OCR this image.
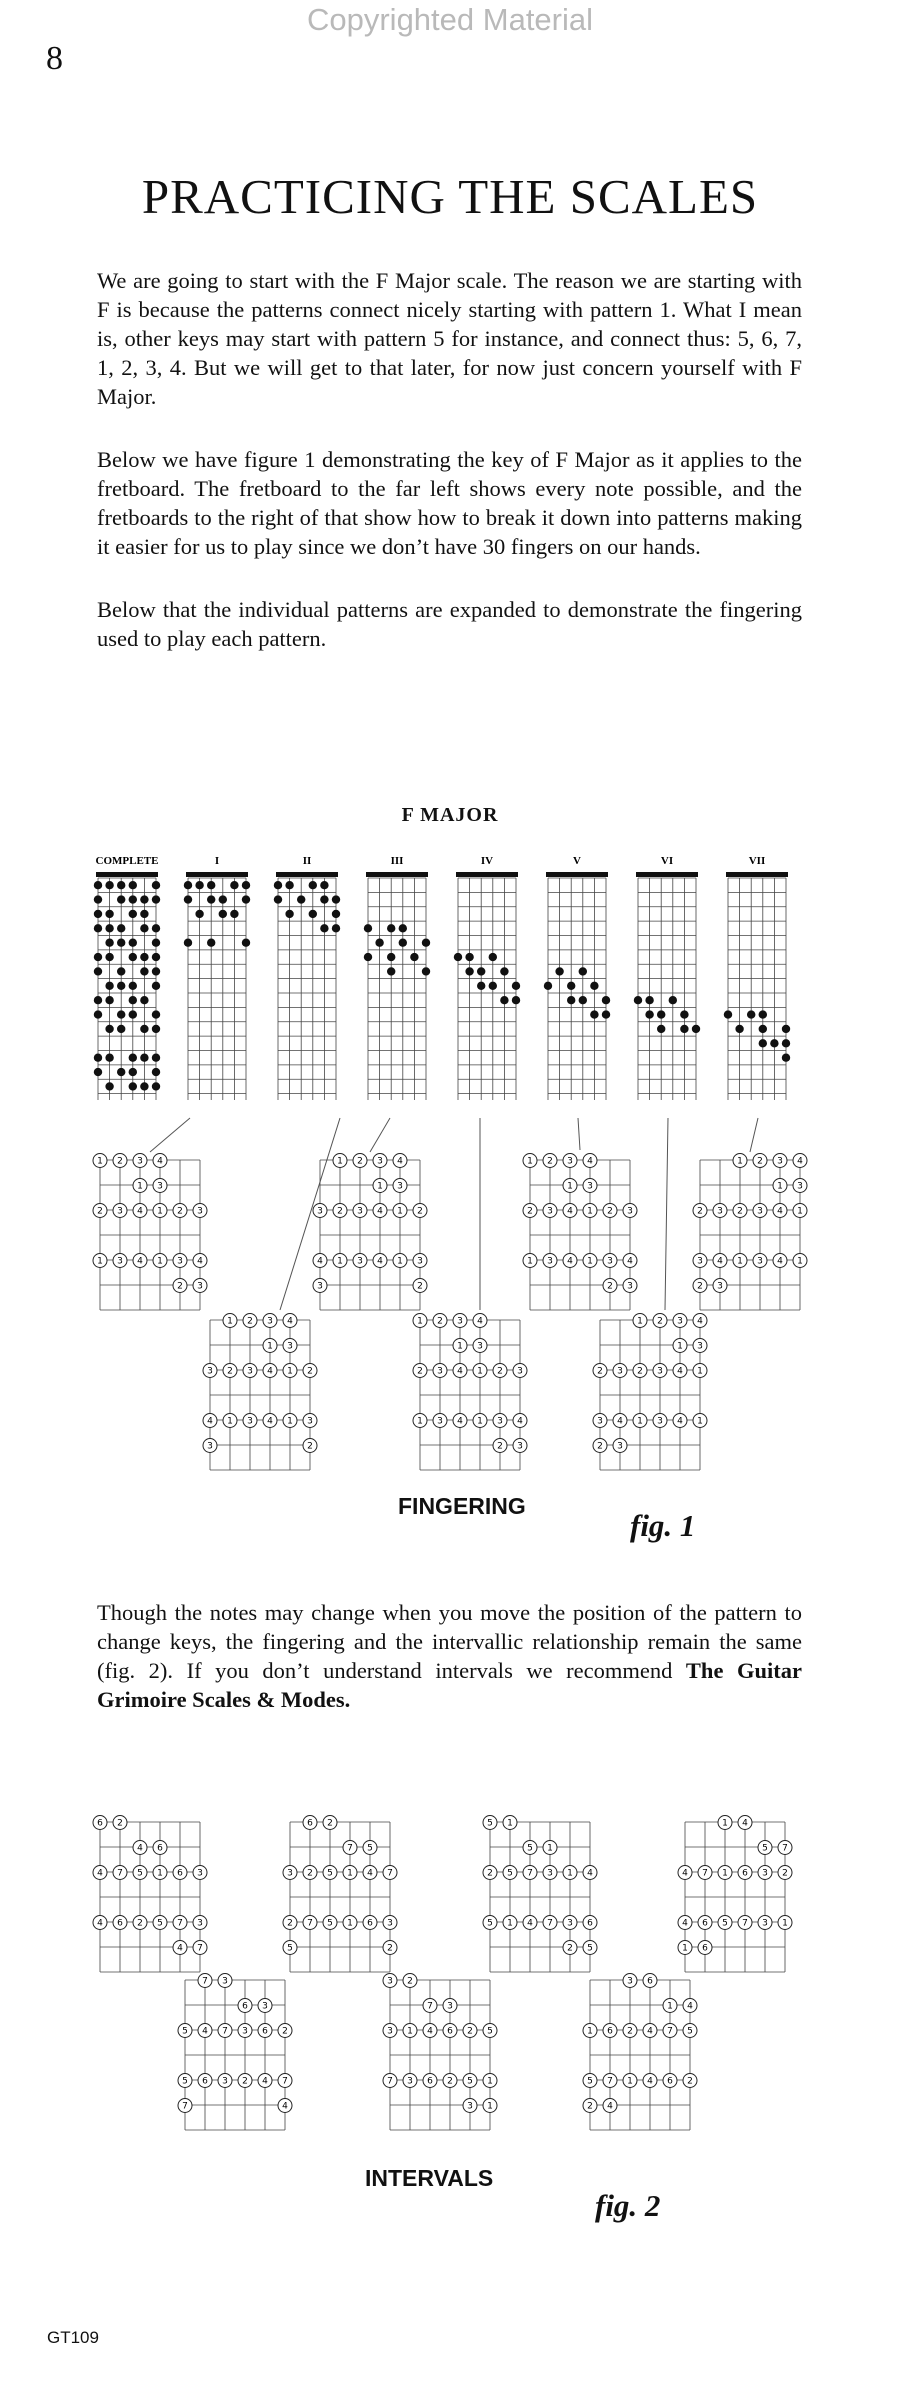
Copyrighted Material
8
PRACTICING THE SCALES

We are going to start with the F Major scale. The reason we are starting with F is because the patterns connect nicely starting with pattern 1. What I mean is, other keys may start with pattern 5 for instance, and connect thus: 5, 6, 7, 1, 2, 3, 4. But we will get to that later, for now just concern yourself with F Major.

Below we have figure 1 demonstrating the key of F Major as it applies to the fretboard. The fretboard to the far left shows every note possible, and the fretboards to the right of that show how to break it down into patterns making it easier for us to play since we don’t have 30 fingers on our hands.

Below that the individual patterns are expanded to demonstrate the fingering used to play each pattern.

F MAJOR
COMPLETE	I	II	III	IV	V	VI	VII
1 2 3 4
1 3
2 3 4 1 2 3
1 3 4 1 3 4
2 3
1 2 3 4
1 3
2 3 4 1 2
3
1 3 4 1 3
4
2
3
1 2 3 4
1 3
2 3 4 1 2 3
1 3 4 1 3 4
2 3
1 2 3 4
1 3
2 3 4 1
2 3
1 3 4 1
3 4
2 3
1 2 3 4
1 3
2 3 4 1 2
3
1 3 4 1 3
4
2
3
1 2 3 4
1 3
2 3 4 1 2 3
1 3 4 1 3 4
2 3
1 2 3 4
1 3
2 3 4 1
2 3
1 3 4 1
3 4
2 3
FINGERING
fig. 1

Though the notes may change when you move the position of the pattern to change keys, the fingering and the intervallic relationship remain the same (fig. 2). If you don’t understand intervals we recommend The Guitar Grimoire Scales & Modes.

6 2
4 6
4 7 5 1 6 3
4 6 2 5 7 3
4 7
6 2
7 5
2 5 1 4 7
3
7 5 1 6 3
2
2
5
5 1
5 1
2 5 7 3 1 4
5 1 4 7 3 6
2 5
1 4
5 7
1 6 3 2
4 7
5 7 3 1
4 6
1 6
7 3
6 3
4 7 3 6 2
5
6 3 2 4 7
5
4
7
3 2
7 3
3 1 4 6 2 5
7 3 6 2 5 1
3 1
3 6
1 4
2 4 7 5
1 6
1 4 6 2
5 7
2 4
INTERVALS
fig. 2
GT109
